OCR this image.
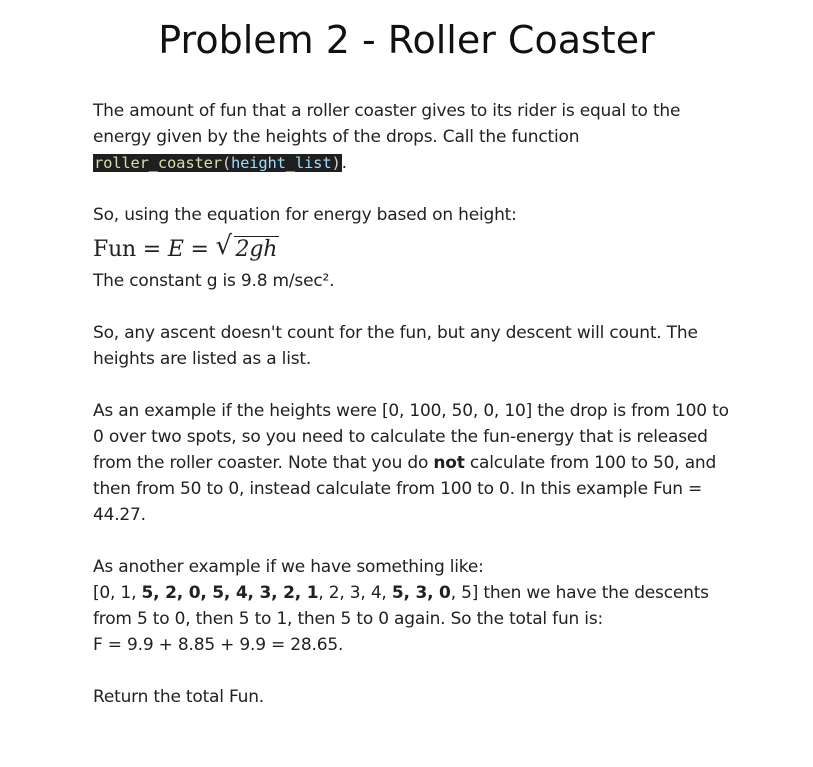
Problem 2 - Roller Coaster

The amount of fun that a roller coaster gives to its rider is equal to the energy given by the heights of the drops. Call the function roller_coaster(height_list).

So, using the equation for energy based on height:

Fun = E = √ 2gh

The constant g is 9.8 m/sec².

So, any ascent doesn't count for the fun, but any descent will count. The heights are listed as a list.

As an example if the heights were [0, 100, 50, 0, 10] the drop is from 100 to 0 over two spots, so you need to calculate the fun-energy that is released from the roller coaster. Note that you do not calculate from 100 to 50, and then from 50 to 0, instead calculate from 100 to 0. In this example Fun = 44.27.

As another example if we have something like:

[0, 1, 5, 2, 0, 5, 4, 3, 2, 1, 2, 3, 4, 5, 3, 0, 5] then we have the descents from 5 to 0, then 5 to 1, then 5 to 0 again. So the total fun is:

F = 9.9 + 8.85 + 9.9 = 28.65.

Return the total Fun.
